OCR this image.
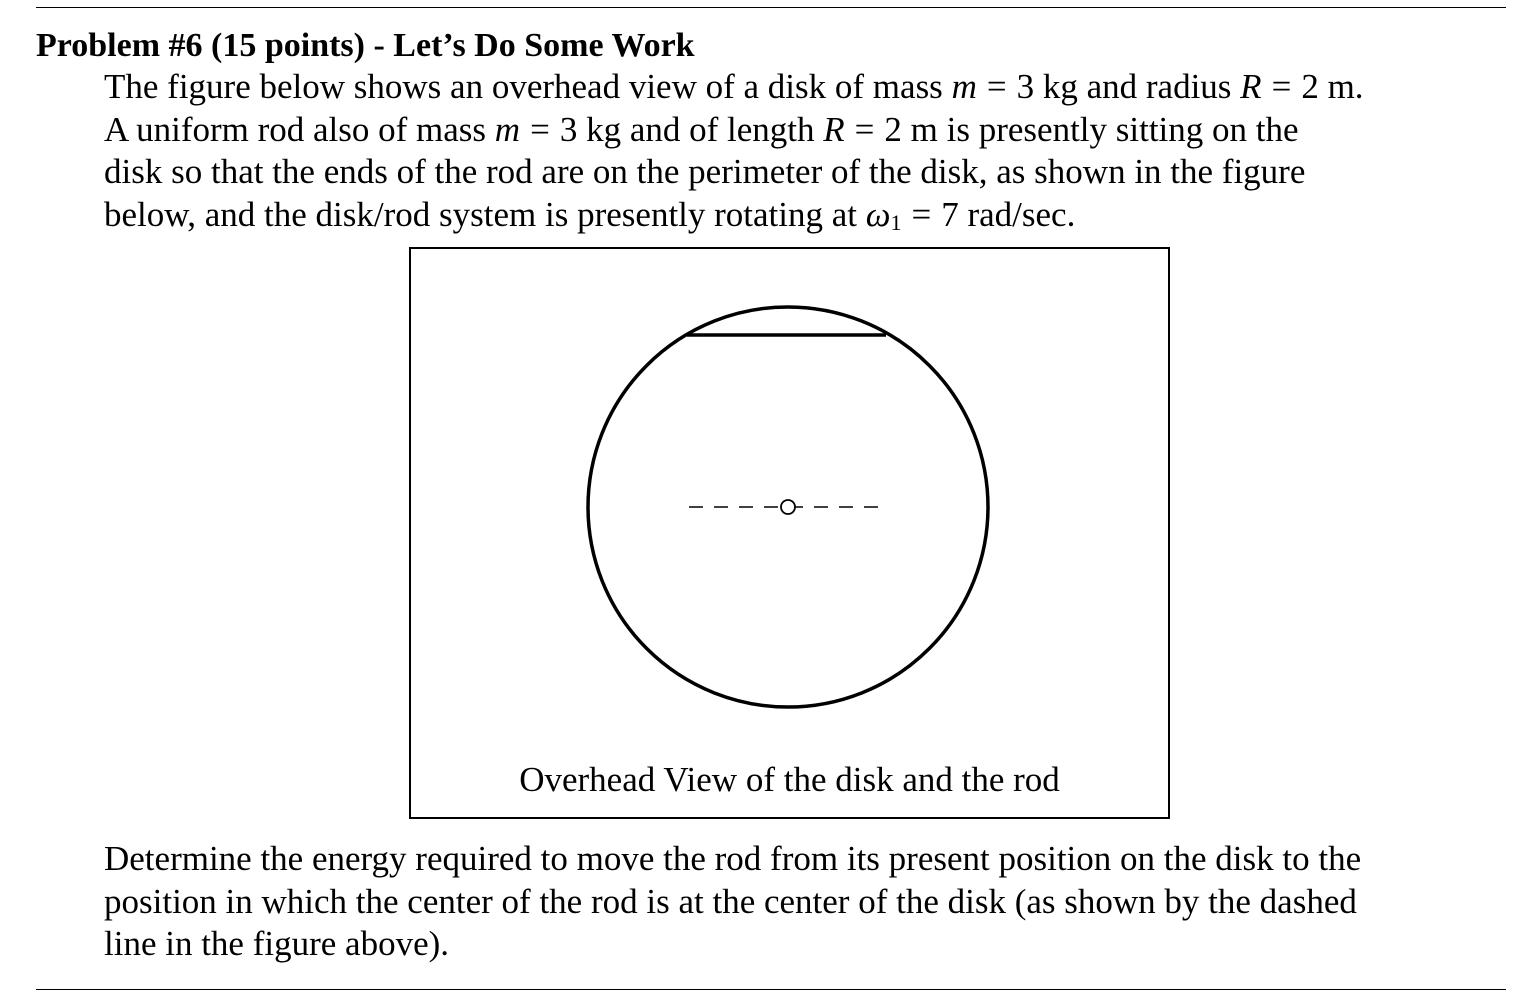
Problem #6 (15 points) - Let’s Do Some Work
The figure below shows an overhead view of a disk of mass m = 3 kg and radius R = 2 m.
A uniform rod also of mass m = 3 kg and of length R = 2 m is presently sitting on the
disk so that the ends of the rod are on the perimeter of the disk, as shown in the figure
below, and the disk/rod system is presently rotating at $\omega_1 = 7$ rad/sec.
Overhead View of the disk and the rod
Determine the energy required to move the rod from its present position on the disk to the
position in which the center of the rod is at the center of the disk (as shown by the dashed
line in the figure above).
